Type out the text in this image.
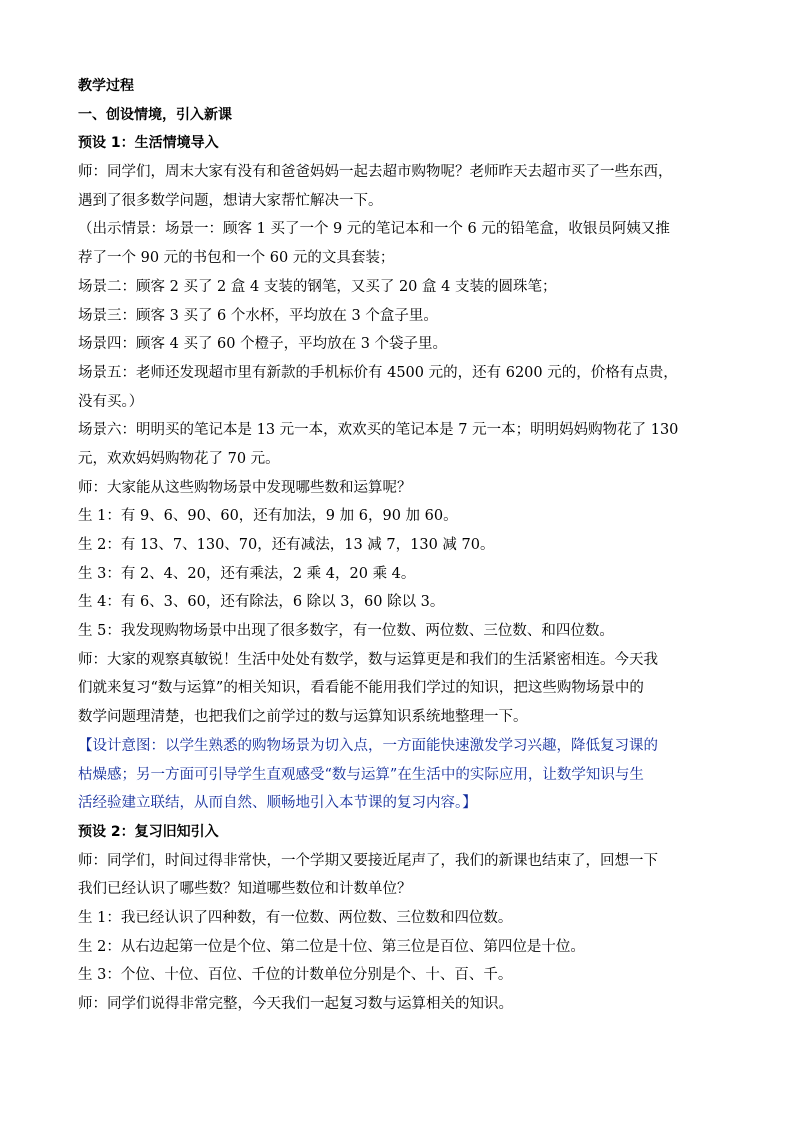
教学过程
一、创设情境，引入新课
预设 1：生活情境导入
师：同学们，周末大家有没有和爸爸妈妈一起去超市购物呢？老师昨天去超市买了一些东西，
遇到了很多数学问题，想请大家帮忙解决一下。
（出示情景：场景一：顾客 1 买了一个 9 元的笔记本和一个 6 元的铅笔盒，收银员阿姨又推
荐了一个 90 元的书包和一个 60 元的文具套装；
场景二：顾客 2 买了 2 盒 4 支装的钢笔，又买了 20 盒 4 支装的圆珠笔；
场景三：顾客 3 买了 6 个水杯，平均放在 3 个盒子里。
场景四：顾客 4 买了 60 个橙子，平均放在 3 个袋子里。
场景五：老师还发现超市里有新款的手机标价有 4500 元的，还有 6200 元的，价格有点贵，
没有买。）
场景六：明明买的笔记本是 13 元一本，欢欢买的笔记本是 7 元一本；明明妈妈购物花了 130
元，欢欢妈妈购物花了 70 元。
师：大家能从这些购物场景中发现哪些数和运算呢？
生 1：有 9、6、90、60，还有加法，9 加 6，90 加 60。
生 2：有 13、7、130、70，还有减法，13 减 7，130 减 70。
生 3：有 2、4、20，还有乘法，2 乘 4，20 乘 4。
生 4：有 6、3、60，还有除法，6 除以 3，60 除以 3。
生 5：我发现购物场景中出现了很多数字，有一位数、两位数、三位数、和四位数。
师：大家的观察真敏锐！生活中处处有数学，数与运算更是和我们的生活紧密相连。今天我
们就来复习“数与运算”的相关知识，看看能不能用我们学过的知识，把这些购物场景中的
数学问题理清楚，也把我们之前学过的数与运算知识系统地整理一下。
【设计意图：以学生熟悉的购物场景为切入点，一方面能快速激发学习兴趣，降低复习课的
枯燥感；另一方面可引导学生直观感受“数与运算”在生活中的实际应用，让数学知识与生
活经验建立联结，从而自然、顺畅地引入本节课的复习内容。】
预设 2：复习旧知引入
师：同学们，时间过得非常快，一个学期又要接近尾声了，我们的新课也结束了，回想一下
我们已经认识了哪些数？知道哪些数位和计数单位？
生 1：我已经认识了四种数，有一位数、两位数、三位数和四位数。
生 2：从右边起第一位是个位、第二位是十位、第三位是百位、第四位是十位。
生 3：个位、十位、百位、千位的计数单位分别是个、十、百、千。
师：同学们说得非常完整，今天我们一起复习数与运算相关的知识。
